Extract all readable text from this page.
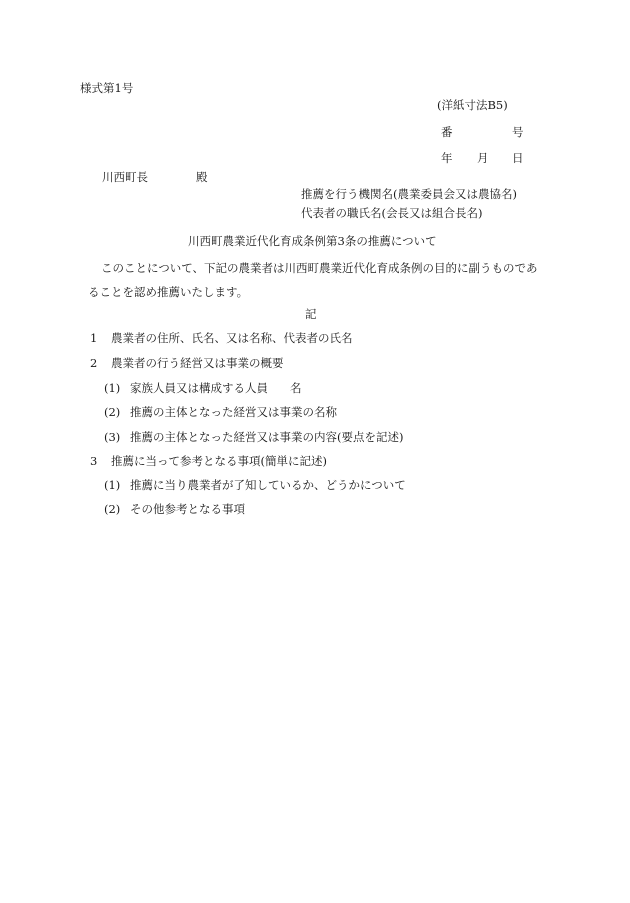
様式第1号
(洋紙寸法B5)
番	号
年 月 日
川西町長	殿
推薦を行う機関名(農業委員会又は農協名)
代表者の職氏名(会長又は組合長名)
川西町農業近代化育成条例第3条の推薦について
このことについて、下記の農業者は川西町農業近代化育成条例の目的に副うものであ
ることを認め推薦いたします。
記
1 農業者の住所、氏名、又は名称、代表者の氏名
2 農業者の行う経営又は事業の概要
(1) 家族人員又は構成する人員 名
(2) 推薦の主体となった経営又は事業の名称
(3) 推薦の主体となった経営又は事業の内容(要点を記述)
3 推薦に当って参考となる事項(簡単に記述)
(1) 推薦に当り農業者が了知しているか、どうかについて
(2) その他参考となる事項
